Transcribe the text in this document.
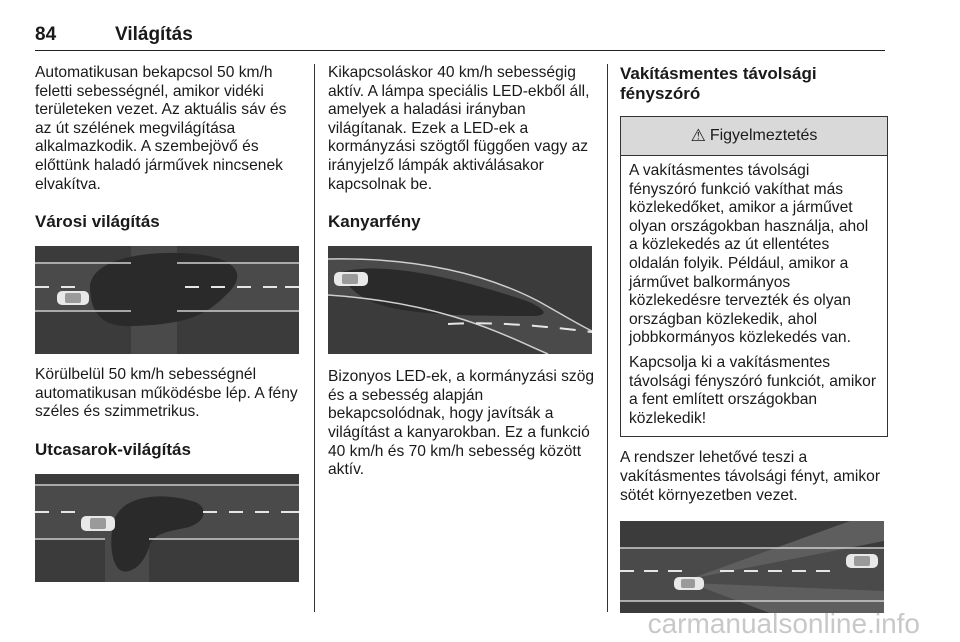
84	Világítás

Automatikusan bekapcsol 50 km/h feletti sebességnél, amikor vidéki területeken vezet. Az aktuális sáv és az út szélének megvilágítása alkalmazkodik. A szembejövő és előttünk haladó járművek nincsenek elvakítva.

Városi világítás

Körülbelül 50 km/h sebességnél automatikusan működésbe lép. A fény széles és szimmetrikus.

Utcasarok-világítás

Kikapcsoláskor 40 km/h sebességig aktív. A lámpa speciális LED-ekből áll, amelyek a haladási irányban világítanak. Ezek a LED-ek a kormányzási szögtől függően vagy az irányjelző lámpák aktiválásakor kapcsolnak be.

Kanyarfény

Bizonyos LED-ek, a kormányzási szög és a sebesség alapján bekapcsolódnak, hogy javítsák a világítást a kanyarokban. Ez a funkció 40 km/h és 70 km/h sebesség között aktív.

Vakításmentes távolsági fényszóró
⚠ Figyelmeztetés

A vakításmentes távolsági fényszóró funkció vakíthat más közlekedőket, amikor a járművet olyan országokban használja, ahol a közlekedés az út ellentétes oldalán folyik. Például, amikor a járművet balkormányos közlekedésre tervezték és olyan országban közlekedik, ahol jobbkormányos közlekedés van.

Kapcsolja ki a vakításmentes távolsági fényszóró funkciót, amikor a fent említett országokban közlekedik!

A rendszer lehetővé teszi a vakításmentes távolsági fényt, amikor sötét környezetben vezet.

carmanualsonline.info
